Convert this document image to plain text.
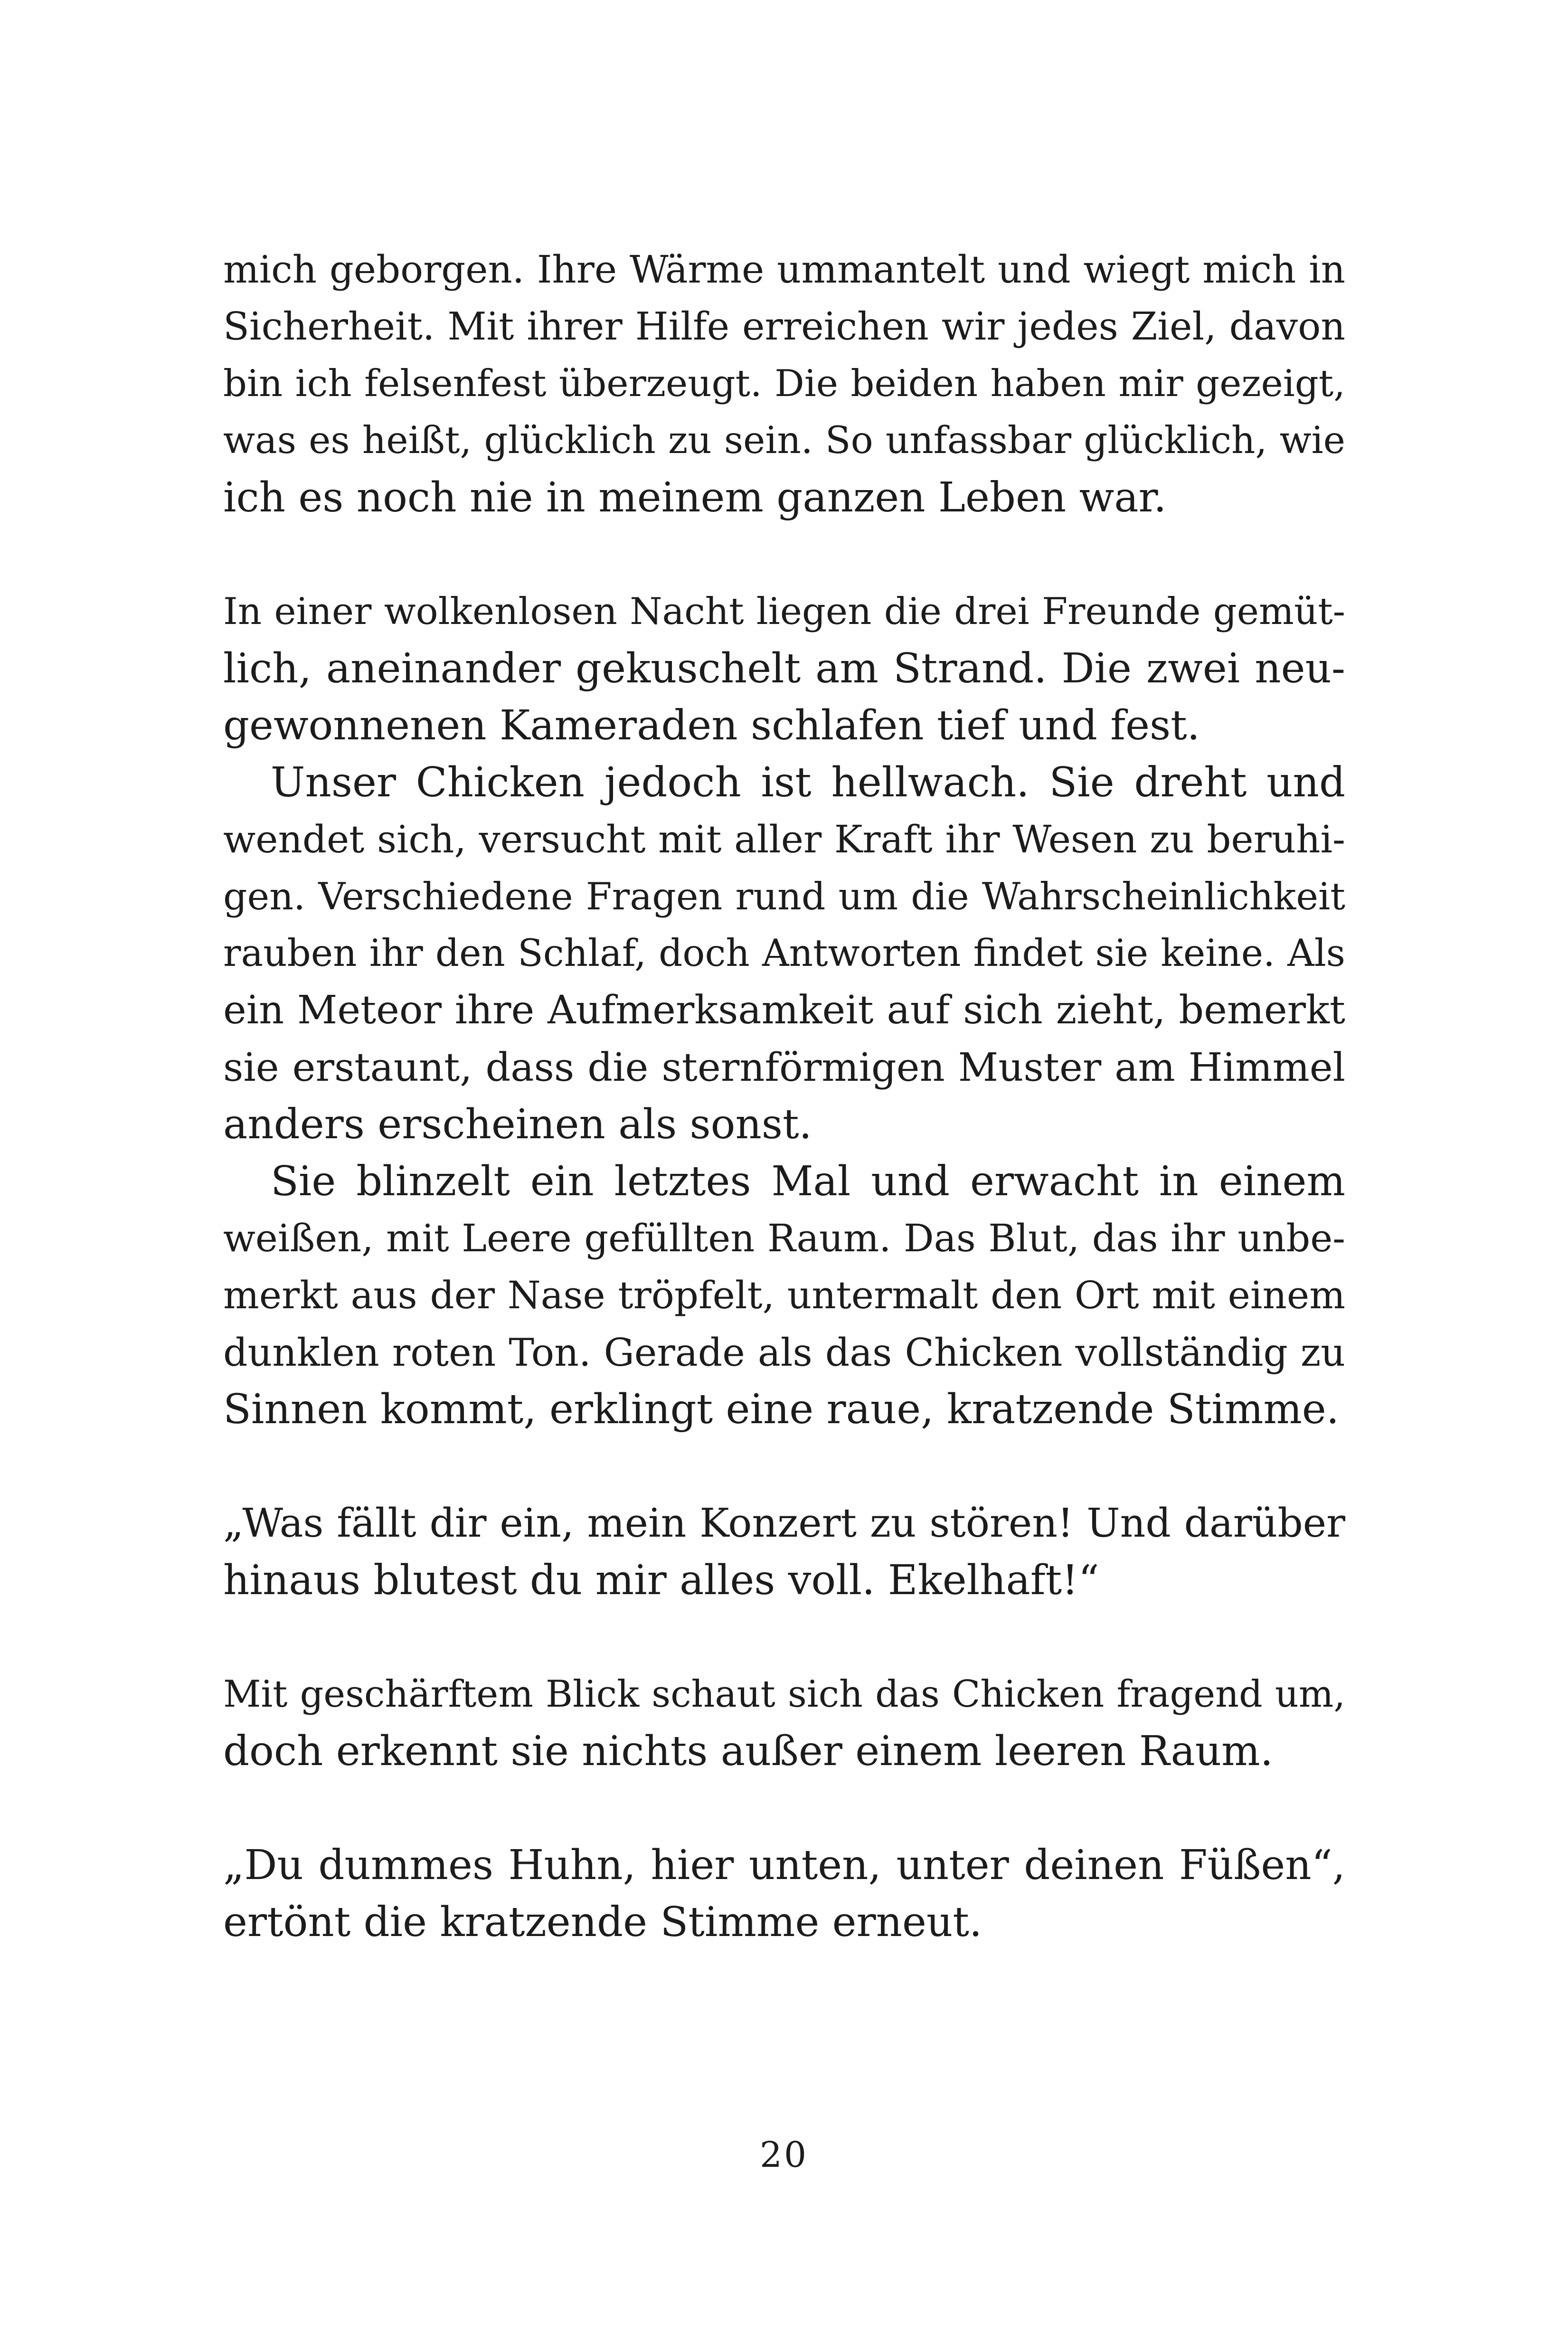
mich geborgen. Ihre Wärme ummantelt und wiegt mich in
Sicherheit. Mit ihrer Hilfe erreichen wir jedes Ziel, davon
bin ich felsenfest überzeugt. Die beiden haben mir gezeigt,
was es heißt, glücklich zu sein. So unfassbar glücklich, wie
ich es noch nie in meinem ganzen Leben war.
In einer wolkenlosen Nacht liegen die drei Freunde gemüt-
lich, aneinander gekuschelt am Strand. Die zwei neu-
gewonnenen Kameraden schlafen tief und fest.
Unser Chicken jedoch ist hellwach. Sie dreht und
wendet sich, versucht mit aller Kraft ihr Wesen zu beruhi-
gen. Verschiedene Fragen rund um die Wahrscheinlichkeit
rauben ihr den Schlaf, doch Antworten findet sie keine. Als
ein Meteor ihre Aufmerksamkeit auf sich zieht, bemerkt
sie erstaunt, dass die sternförmigen Muster am Himmel
anders erscheinen als sonst.
Sie blinzelt ein letztes Mal und erwacht in einem
weißen, mit Leere gefüllten Raum. Das Blut, das ihr unbe-
merkt aus der Nase tröpfelt, untermalt den Ort mit einem
dunklen roten Ton. Gerade als das Chicken vollständig zu
Sinnen kommt, erklingt eine raue, kratzende Stimme.
„Was fällt dir ein, mein Konzert zu stören! Und darüber
hinaus blutest du mir alles voll. Ekelhaft!“
Mit geschärftem Blick schaut sich das Chicken fragend um,
doch erkennt sie nichts außer einem leeren Raum.
„Du dummes Huhn, hier unten, unter deinen Füßen“,
ertönt die kratzende Stimme erneut.
20
